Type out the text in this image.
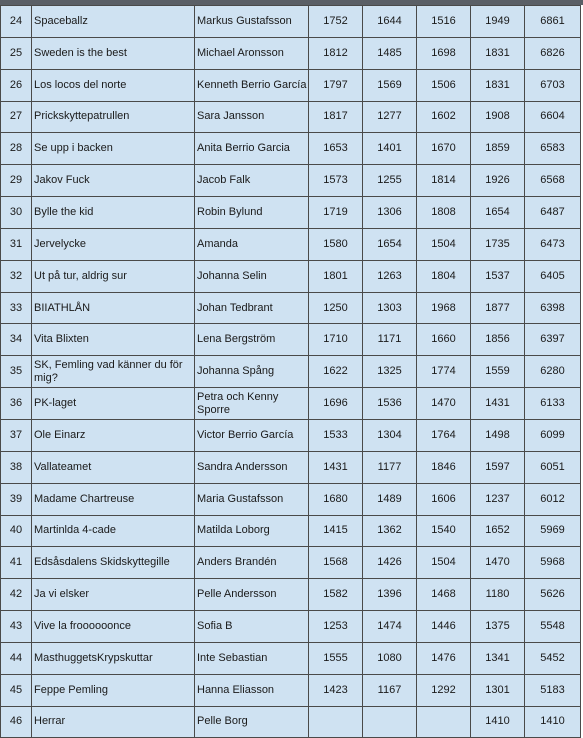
24	Spaceballz	Markus Gustafsson	1752	1644	1516	1949	6861
25	Sweden is the best	Michael Aronsson	1812	1485	1698	1831	6826
26	Los locos del norte	Kenneth Berrio García	1797	1569	1506	1831	6703
27	Prickskyttepatrullen	Sara Jansson	1817	1277	1602	1908	6604
28	Se upp i backen	Anita Berrio Garcia	1653	1401	1670	1859	6583
29	Jakov Fuck	Jacob Falk	1573	1255	1814	1926	6568
30	Bylle the kid	Robin Bylund	1719	1306	1808	1654	6487
31	Jervelycke	Amanda	1580	1654	1504	1735	6473
32	Ut på tur, aldrig sur	Johanna Selin	1801	1263	1804	1537	6405
33	BIIATHLÅN	Johan Tedbrant	1250	1303	1968	1877	6398
34	Vita Blixten	Lena Bergström	1710	1171	1660	1856	6397
35	SK, Femling vad känner du för mig?	Johanna Spång	1622	1325	1774	1559	6280
36	PK-laget	Petra och Kenny Sporre	1696	1536	1470	1431	6133
37	Ole Einarz	Victor Berrio García	1533	1304	1764	1498	6099
38	Vallateamet	Sandra Andersson	1431	1177	1846	1597	6051
39	Madame Chartreuse	Maria Gustafsson	1680	1489	1606	1237	6012
40	Martinlda 4-cade	Matilda Loborg	1415	1362	1540	1652	5969
41	Edsåsdalens Skidskyttegille	Anders Brandén	1568	1426	1504	1470	5968
42	Ja vi elsker	Pelle Andersson	1582	1396	1468	1180	5626
43	Vive la froooooonce	Sofia B	1253	1474	1446	1375	5548
44	MasthuggetsKrypskuttar	Inte Sebastian	1555	1080	1476	1341	5452
45	Feppe Pemling	Hanna Eliasson	1423	1167	1292	1301	5183
46	Herrar	Pelle Borg				1410	1410
